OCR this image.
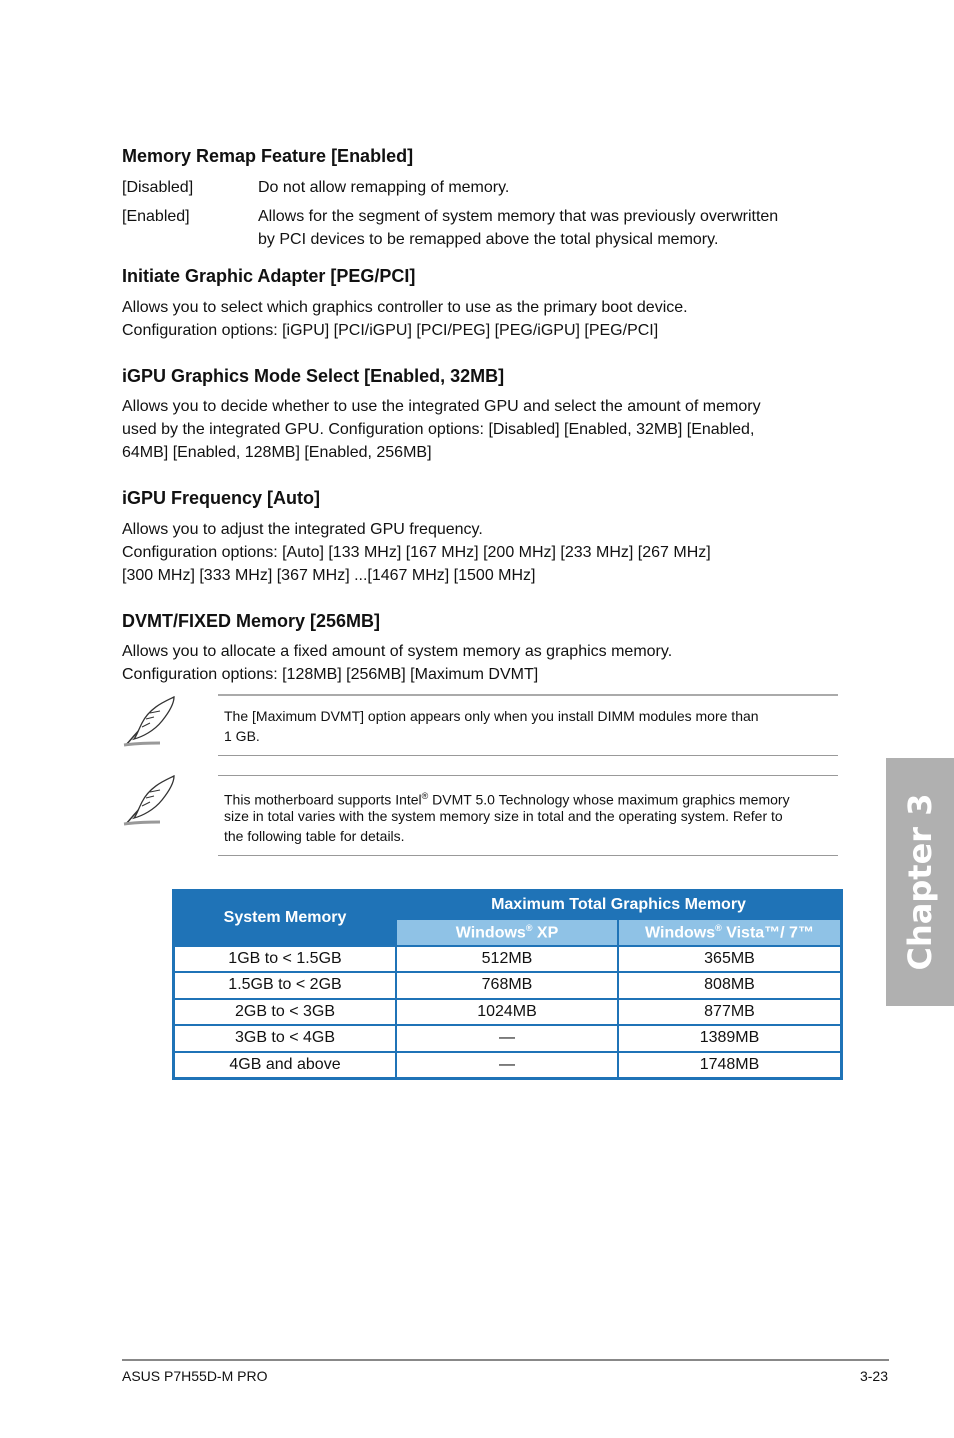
Memory Remap Feature [Enabled]
[Disabled]	Do not allow remapping of memory.
[Enabled]	Allows for the segment of system memory that was previously overwritten
by PCI devices to be remapped above the total physical memory.
Initiate Graphic Adapter [PEG/PCI]
Allows you to select which graphics controller to use as the primary boot device.
Configuration options: [iGPU] [PCI/iGPU] [PCI/PEG] [PEG/iGPU] [PEG/PCI]
iGPU Graphics Mode Select [Enabled, 32MB]
Allows you to decide whether to use the integrated GPU and select the amount of memory
used by the integrated GPU. Configuration options: [Disabled] [Enabled, 32MB] [Enabled,
64MB] [Enabled, 128MB] [Enabled, 256MB]
iGPU Frequency [Auto]
Allows you to adjust the integrated GPU frequency.
Configuration options: [Auto] [133 MHz] [167 MHz] [200 MHz] [233 MHz] [267 MHz]
[300 MHz] [333 MHz] [367 MHz] ...[1467 MHz] [1500 MHz]
DVMT/FIXED Memory [256MB]
Allows you to allocate a fixed amount of system memory as graphics memory.
Configuration options: [128MB] [256MB] [Maximum DVMT]
The [Maximum DVMT] option appears only when you install DIMM modules more than
1 GB.
This motherboard supports Intel® DVMT 5.0 Technology whose maximum graphics memory
size in total varies with the system memory size in total and the operating system. Refer to
the following table for details.
System Memory	Maximum Total Graphics Memory	
	Windows® XP	Windows® Vista™/ 7™
1GB to < 1.5GB	512MB	365MB
1.5GB to < 2GB	768MB	808MB
2GB to < 3GB	1024MB	877MB
3GB to < 4GB	—	1389MB
4GB and above	—	1748MB
Chapter 3
ASUS P7H55D-M PRO	3-23
